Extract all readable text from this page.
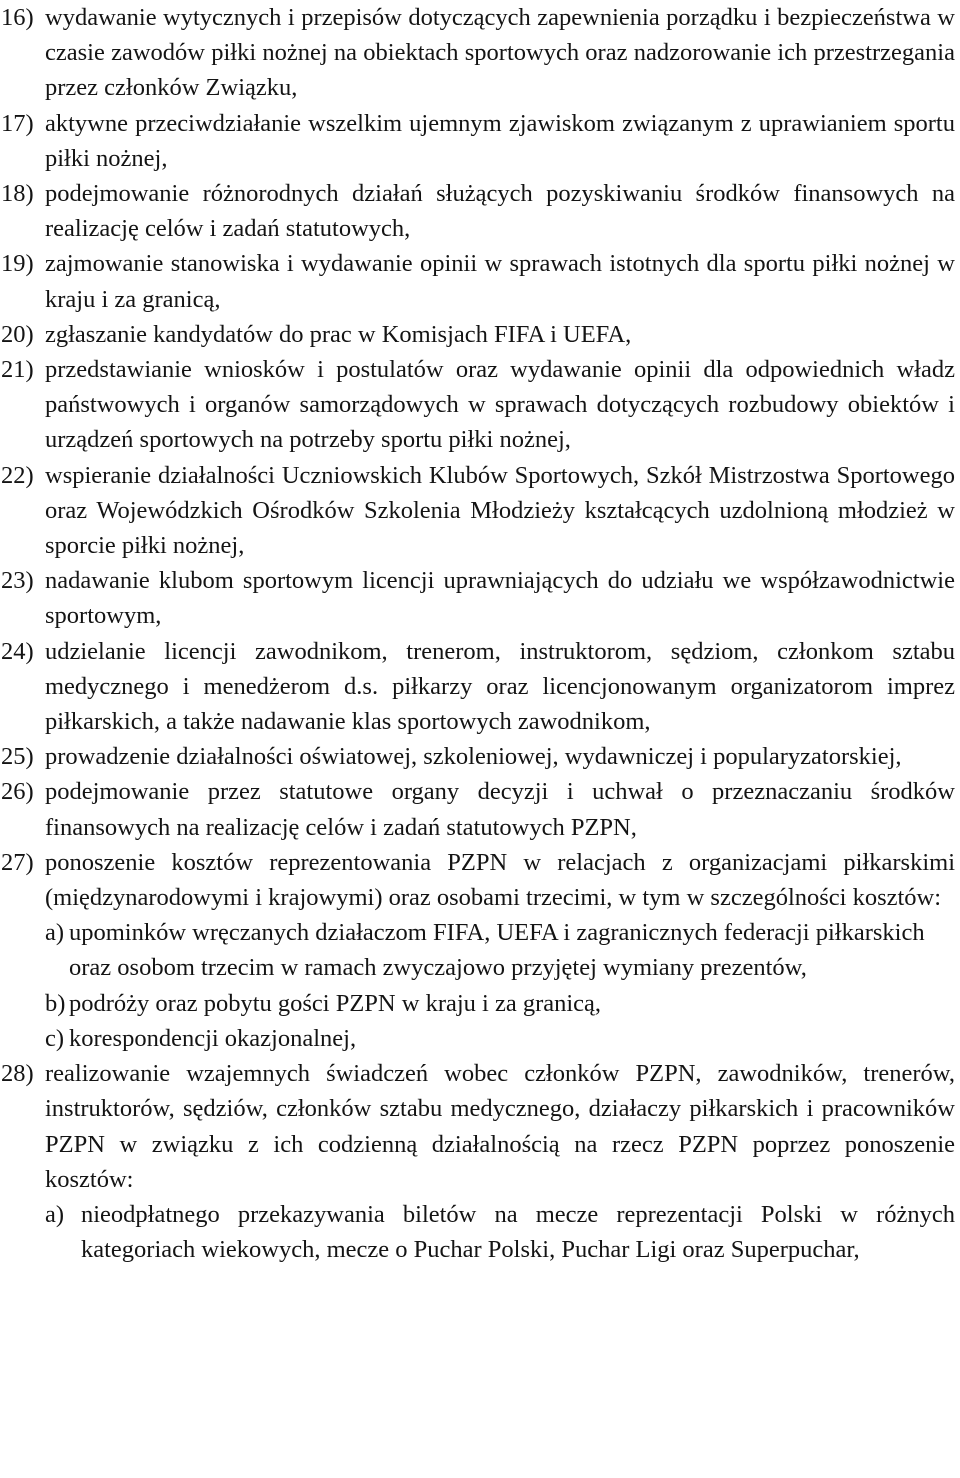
16) wydawanie wytycznych i przepisów dotyczących zapewnienia porządku i bezpieczeństwa w czasie zawodów piłki nożnej na obiektach sportowych oraz nadzorowanie ich przestrzegania przez członków Związku,
17) aktywne przeciwdziałanie wszelkim ujemnym zjawiskom związanym z uprawianiem sportu piłki nożnej,
18) podejmowanie różnorodnych działań służących pozyskiwaniu środków finansowych na realizację celów i zadań statutowych,
19) zajmowanie stanowiska i wydawanie opinii w sprawach istotnych dla sportu piłki nożnej w kraju i za granicą,
20) zgłaszanie kandydatów do prac w Komisjach FIFA i UEFA,
21) przedstawianie wniosków i postulatów oraz wydawanie opinii dla odpowiednich władz państwowych i organów samorządowych w sprawach dotyczących rozbudowy obiektów i urządzeń sportowych na potrzeby sportu piłki nożnej,
22) wspieranie działalności Uczniowskich Klubów Sportowych, Szkół Mistrzostwa Sportowego oraz Wojewódzkich Ośrodków Szkolenia Młodzieży kształcących uzdolnioną młodzież w sporcie piłki nożnej,
23) nadawanie klubom sportowym licencji uprawniających do udziału we współzawodnictwie sportowym,
24) udzielanie licencji zawodnikom, trenerom, instruktorom, sędziom, członkom sztabu medycznego i menedżerom d.s. piłkarzy oraz licencjonowanym organizatorom imprez piłkarskich, a także nadawanie klas sportowych zawodnikom,
25) prowadzenie działalności oświatowej, szkoleniowej, wydawniczej i popularyzatorskiej,
26) podejmowanie przez statutowe organy decyzji i uchwał o przeznaczaniu środków finansowych na realizację celów i zadań statutowych PZPN,
27) ponoszenie kosztów reprezentowania PZPN w relacjach z organizacjami piłkarskimi (międzynarodowymi i krajowymi) oraz osobami trzecimi, w tym w szczególności kosztów:
a) upominków wręczanych działaczom FIFA, UEFA i zagranicznych federacji piłkarskich oraz osobom trzecim w ramach zwyczajowo przyjętej wymiany prezentów,
b) podróży oraz pobytu gości PZPN w kraju i za granicą,
c) korespondencji okazjonalnej,
28) realizowanie wzajemnych świadczeń wobec członków PZPN, zawodników, trenerów, instruktorów, sędziów, członków sztabu medycznego, działaczy piłkarskich i pracowników PZPN w związku z ich codzienną działalnością na rzecz PZPN poprzez ponoszenie kosztów:
a) nieodpłatnego przekazywania biletów na mecze reprezentacji Polski w różnych kategoriach wiekowych, mecze o Puchar Polski, Puchar Ligi oraz Superpuchar,
